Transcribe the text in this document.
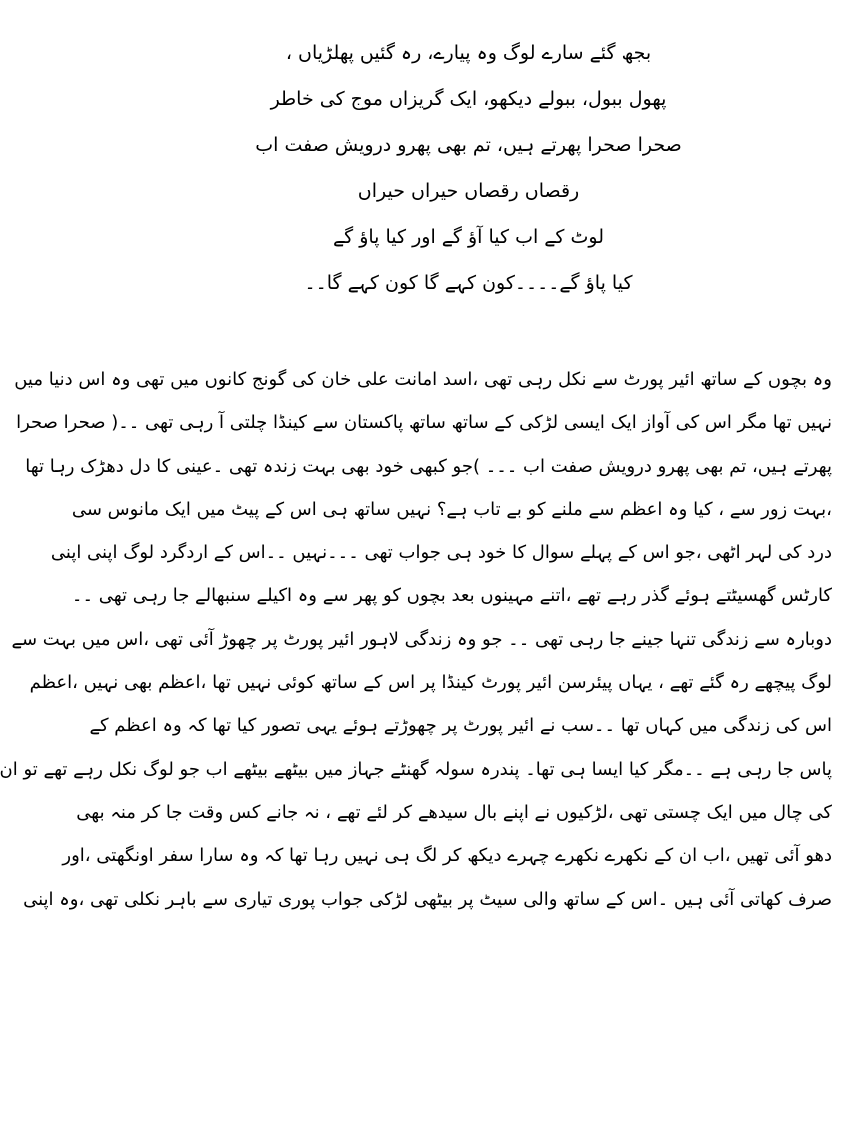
بجھ گئے سارے لوگ وہ پیارے، رہ گئیں پھلڑیاں ،
پھول ببول، ببولے دیکھو، ایک گریزاں موج کی خاطر
صحرا صحرا پھرتے ہیں، تم بھی پھرو درویش صفت اب
رقصاں رقصاں حیراں حیراں
لوٹ کے اب کیا آؤ گے اور کیا پاؤ گے
کیا پاؤ گے۔۔۔۔کون کہے گا کون کہے گا۔۔
وہ بچوں کے ساتھ ائیر پورٹ سے نکل رہی تھی ،اسد امانت علی خان کی گونج کانوں میں تھی وہ اس دنیا میں
نہیں تھا مگر اس کی آواز ایک ایسی لڑکی کے ساتھ ساتھ پاکستان سے کینڈا چلتی آ رہی تھی ۔۔( صحرا صحرا
پھرتے ہیں، تم بھی پھرو درویش صفت اب ۔۔۔ )جو کبھی خود بھی بہت زندہ تھی ۔عینی کا دل دھڑک رہا تھا
،بہت زور سے ، کیا وہ اعظم سے ملنے کو بے تاب ہے؟ نہیں ساتھ ہی اس کے پیٹ میں ایک مانوس سی
درد کی لہر اٹھی ،جو اس کے پہلے سوال کا خود ہی جواب تھی ۔۔۔نہیں ۔۔اس کے اردگرد لوگ اپنی اپنی
کارٹس گھسیٹتے ہوئے گذر رہے تھے ،اتنے مہینوں بعد بچوں کو پھر سے وہ اکیلے سنبھالے جا رہی تھی ۔۔
دوبارہ سے زندگی تنہا جینے جا رہی تھی ۔۔ جو وہ زندگی لاہور ائیر پورٹ پر چھوڑ آئی تھی ،اس میں بہت سے
لوگ پیچھے رہ گئے تھے ، یہاں پیئرسن ائیر پورٹ کینڈا پر اس کے ساتھ کوئی نہیں تھا ،اعظم بھی نہیں ،اعظم
اس کی زندگی میں کہاں تھا ۔۔سب نے ائیر پورٹ پر چھوڑتے ہوئے یہی تصور کیا تھا کہ وہ اعظم کے
پاس جا رہی ہے ۔۔مگر کیا ایسا ہی تھا۔ پندرہ سولہ گھنٹے جہاز میں بیٹھے بیٹھے اب جو لوگ نکل رہے تھے تو ان
کی چال میں ایک چستی تھی ،لڑکیوں نے اپنے بال سیدھے کر لئے تھے ، نہ جانے کس وقت جا کر منہ بھی
دھو آئی تھیں ،اب ان کے نکھرے نکھرے چہرے دیکھ کر لگ ہی نہیں رہا تھا کہ وہ سارا سفر اونگھتی ،اور
صرف کھاتی آئی ہیں ۔اس کے ساتھ والی سیٹ پر بیٹھی لڑکی جواب پوری تیاری سے باہر نکلی تھی ،وہ اپنی
